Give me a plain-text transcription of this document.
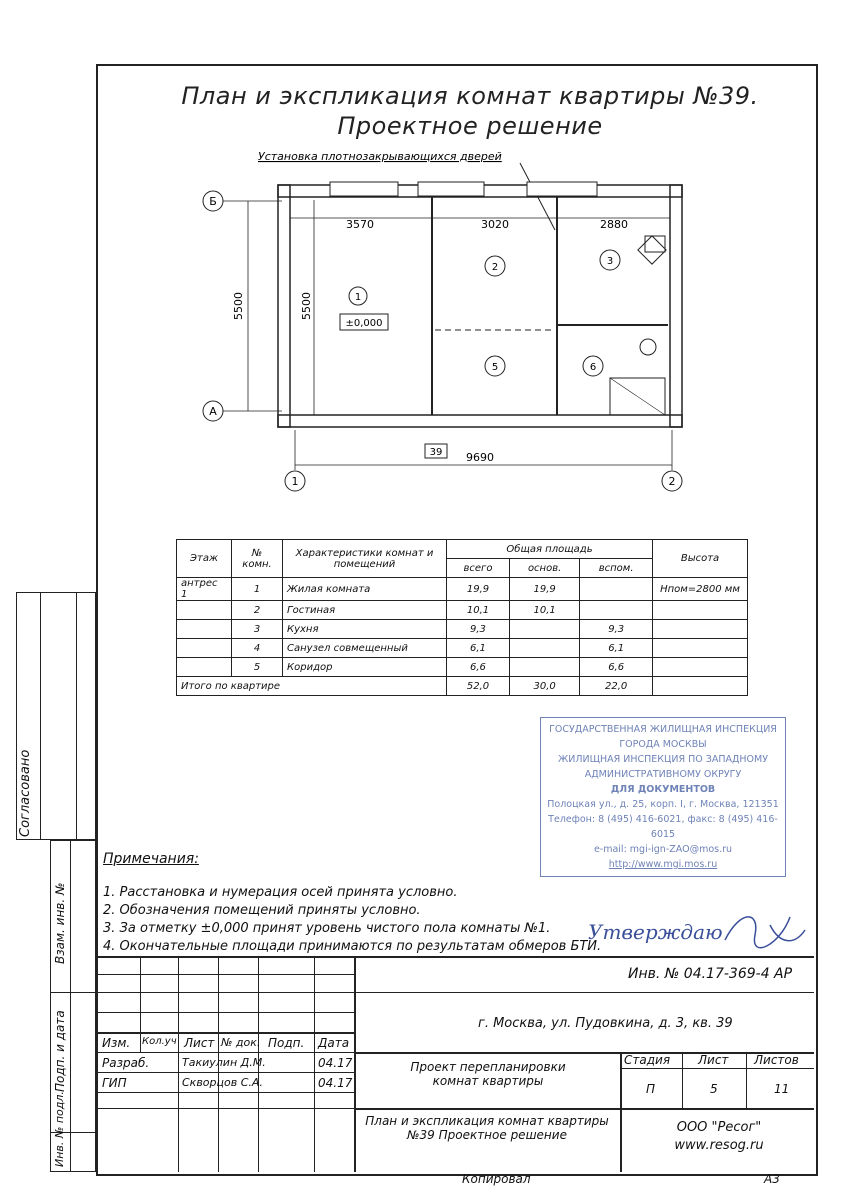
План и экспликация комнат квартиры №39.
Проектное решение
Установка плотнозакрывающихся дверей
Б
А
5500
3570	3020	2880
5500	1
±0,000
2
3
5	6
39 9690
1	2
Этаж	№ комн.	Характеристики комнат и помещений	Общая площадь			Высота
			всего	основ.	вспом.	
антрес 1	1	Жилая комната	19,9	19,9		Нпом=2800 мм
	2	Гостиная	10,1	10,1		
	3	Кухня	9,3		9,3	
	4	Санузел совмещенный	6,1		6,1	
	5	Коридор	6,6		6,6	
Итого по квартире			52,0	30,0	22,0	
ГОСУДАРСТВЕННАЯ ЖИЛИЩНАЯ ИНСПЕКЦИЯ
ГОРОДА МОСКВЫ
ЖИЛИЩНАЯ ИНСПЕКЦИЯ ПО ЗАПАДНОМУ
АДМИНИСТРАТИВНОМУ ОКРУГУ
ДЛЯ ДОКУМЕНТОВ
Полоцкая ул., д. 25, корп. I, г. Москва, 121351
Телефон: 8 (495) 416-6021, факс: 8 (495) 416-6015
e-mail: mgi-ign-ZAO@mos.ru
http://www.mgi.mos.ru
Утверждаю
Примечания:
1. Расстановка и нумерация осей принята условно.
2. Обозначения помещений приняты условно.
3. За отметку ±0,000 принят уровень чистого пола комнаты №1.
4. Окончательные площади принимаются по результатам обмеров БТИ.
Согласовано
Взам. инв. №
Подп. и дата
Инв. № подл.
Изм. Кол.уч Лист № док. Подп. Дата
Разраб.	Такиулин Д.М.	04.17
ГИП	Скворцов С.А.	04.17
Инв. № 04.17-369-4 АР
г. Москва, ул. Пудовкина, д. 3, кв. 39
Проект перепланировки комнат квартиры
Стадия Лист Листов
П	5	11
План и экспликация комнат квартиры №39 Проектное решение	ООО "Ресог"
www.resog.ru
Копировал	А3
